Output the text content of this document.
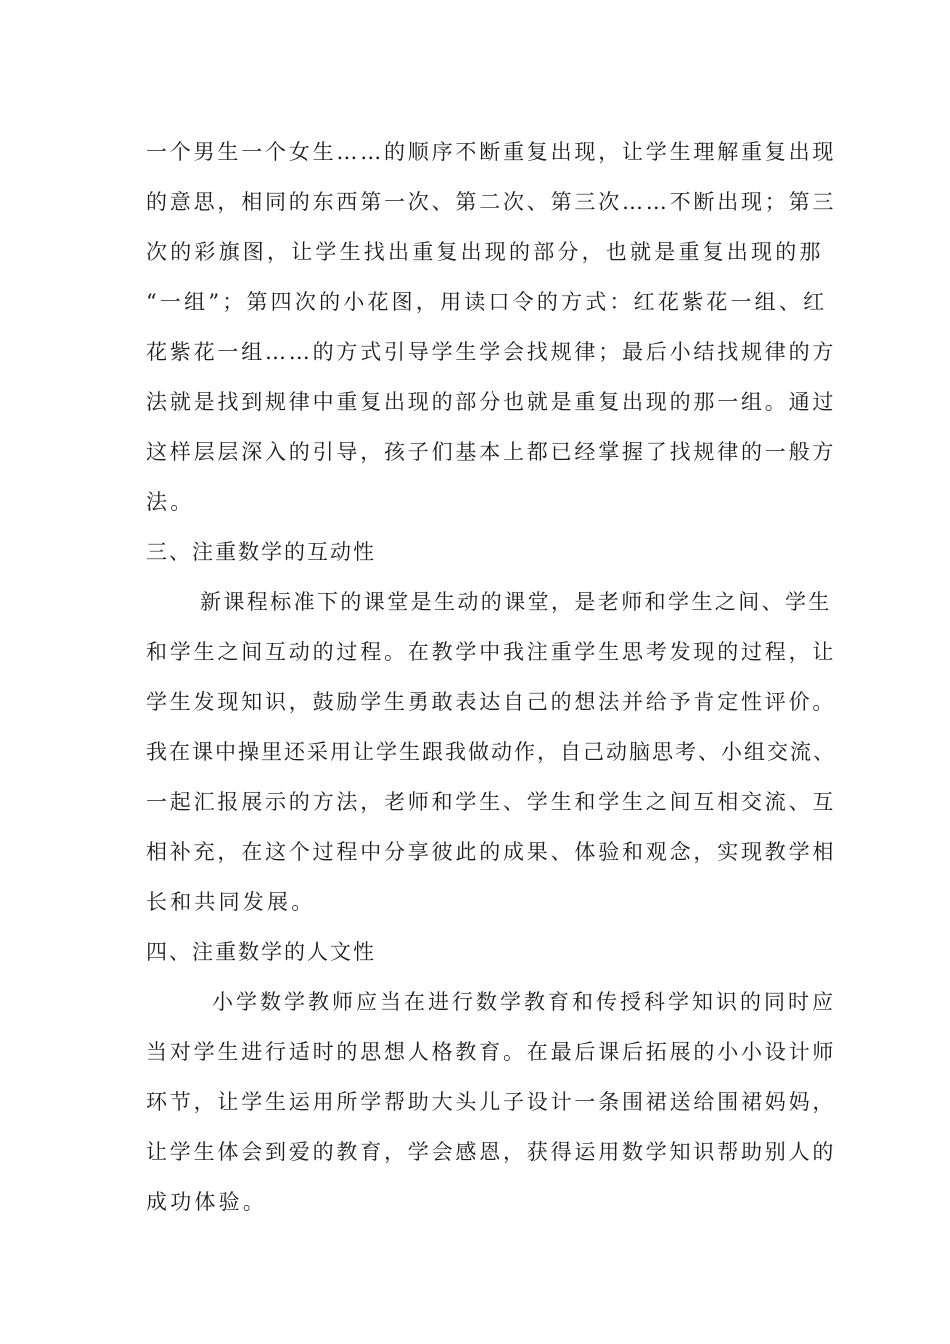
一个男生一个女生……的顺序不断重复出现，让学生理解重复出现
的意思，相同的东西第一次、第二次、第三次……不断出现；第三
次的彩旗图，让学生找出重复出现的部分，也就是重复出现的那
“一组”；第四次的小花图，用读口令的方式：红花紫花一组、红
花紫花一组……的方式引导学生学会找规律；最后小结找规律的方
法就是找到规律中重复出现的部分也就是重复出现的那一组。通过
这样层层深入的引导，孩子们基本上都已经掌握了找规律的一般方
法。
三、注重数学的互动性
新课程标准下的课堂是生动的课堂，是老师和学生之间、学生
和学生之间互动的过程。在教学中我注重学生思考发现的过程，让
学生发现知识，鼓励学生勇敢表达自己的想法并给予肯定性评价。
我在课中操里还采用让学生跟我做动作，自己动脑思考、小组交流、
一起汇报展示的方法，老师和学生、学生和学生之间互相交流、互
相补充，在这个过程中分享彼此的成果、体验和观念，实现教学相
长和共同发展。
四、注重数学的人文性
小学数学教师应当在进行数学教育和传授科学知识的同时应
当对学生进行适时的思想人格教育。在最后课后拓展的小小设计师
环节，让学生运用所学帮助大头儿子设计一条围裙送给围裙妈妈，
让学生体会到爱的教育，学会感恩，获得运用数学知识帮助别人的
成功体验。
